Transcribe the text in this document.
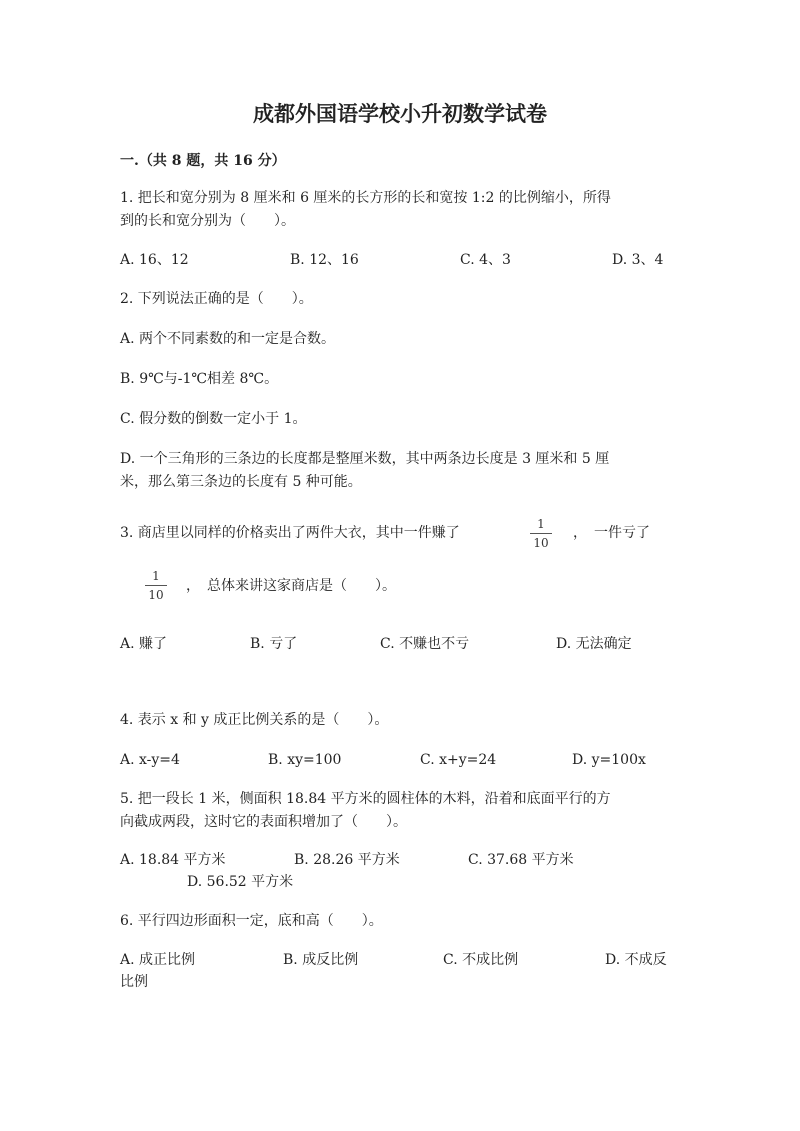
成都外国语学校小升初数学试卷
一.（共 8 题，共 16 分）
1. 把长和宽分别为 8 厘米和 6 厘米的长方形的长和宽按 1:2 的比例缩小，所得
到的长和宽分别为（　　）。
A. 16、12	B. 12、16	C. 4、3	D. 3、4
2. 下列说法正确的是（　　）。
A. 两个不同素数的和一定是合数。
B. 9℃与-1℃相差 8℃。
C. 假分数的倒数一定小于 1。
D. 一个三角形的三条边的长度都是整厘米数，其中两条边长度是 3 厘米和 5 厘
米，那么第三条边的长度有 5 种可能。
3. 商店里以同样的价格卖出了两件大衣，其中一件赚了
1
10
，　一件亏了
1
10
，　总体来讲这家商店是（　　）。
A. 赚了	B. 亏了	C. 不赚也不亏	D. 无法确定
4. 表示 x 和 y 成正比例关系的是（　　）。
A. x-y=4	B. xy=100	C. x+y=24	D. y=100x
5. 把一段长 1 米，侧面积 18.84 平方米的圆柱体的木料，沿着和底面平行的方
向截成两段，这时它的表面积增加了（　　）。
A. 18.84 平方米	B. 28.26 平方米	C. 37.68 平方米
D. 56.52 平方米
6. 平行四边形面积一定，底和高（　　）。
A. 成正比例	B. 成反比例	C. 不成比例	D. 不成反
比例
